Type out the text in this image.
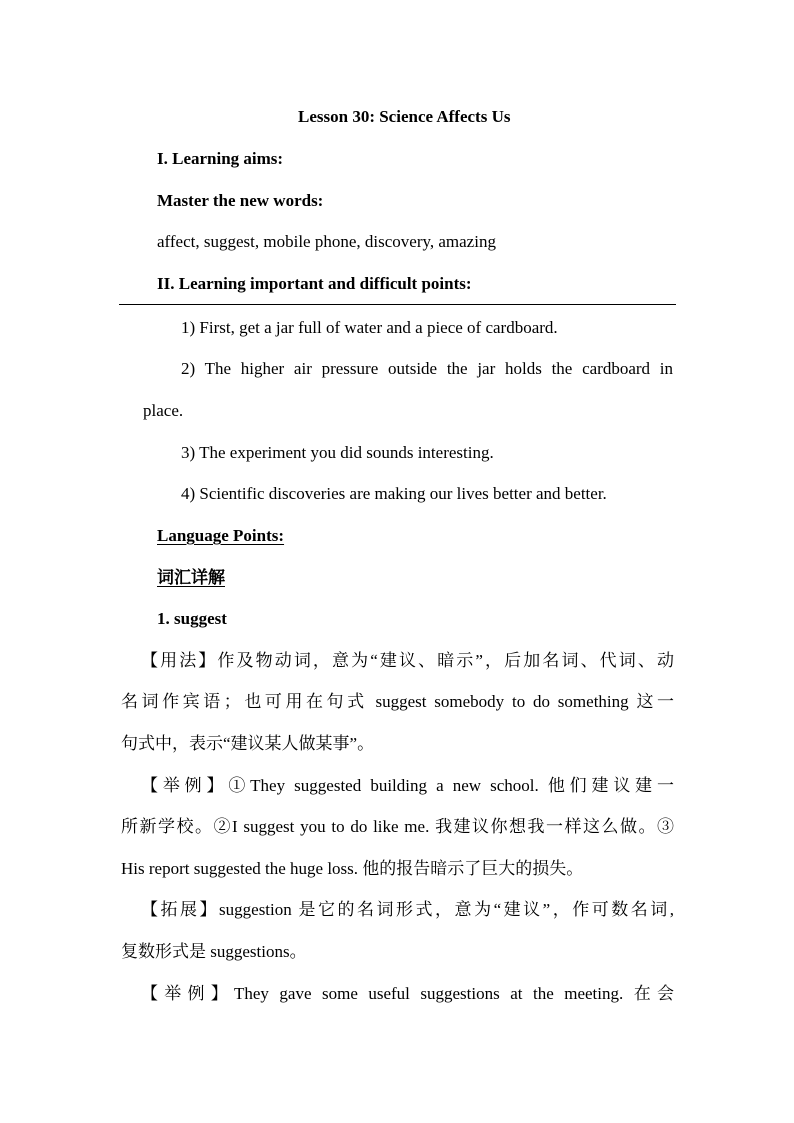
Lesson 30: Science Affects Us
I. Learning aims:
Master the new words:
affect, suggest, mobile phone, discovery, amazing
II. Learning important and difficult points:
1) First, get a jar full of water and a piece of cardboard.
2) The higher air pressure outside the jar holds the cardboard in
place.
3) The experiment you did sounds interesting.
4) Scientific discoveries are making our lives better and better.
Language Points:
词汇详解
1. suggest
【用法】作及物动词，意为“建议、暗示”，后加名词、代词、动
名词作宾语；也可用在句式 suggest somebody to do something 这一
句式中，表示“建议某人做某事”。
【举例】①They suggested building a new school. 他们建议建一
所新学校。②I suggest you to do like me. 我建议你想我一样这么做。③
His report suggested the huge loss. 他的报告暗示了巨大的损失。
【拓展】suggestion 是它的名词形式，意为“建议”，作可数名词,
复数形式是 suggestions。
【举例】They gave some useful suggestions at the meeting. 在会
